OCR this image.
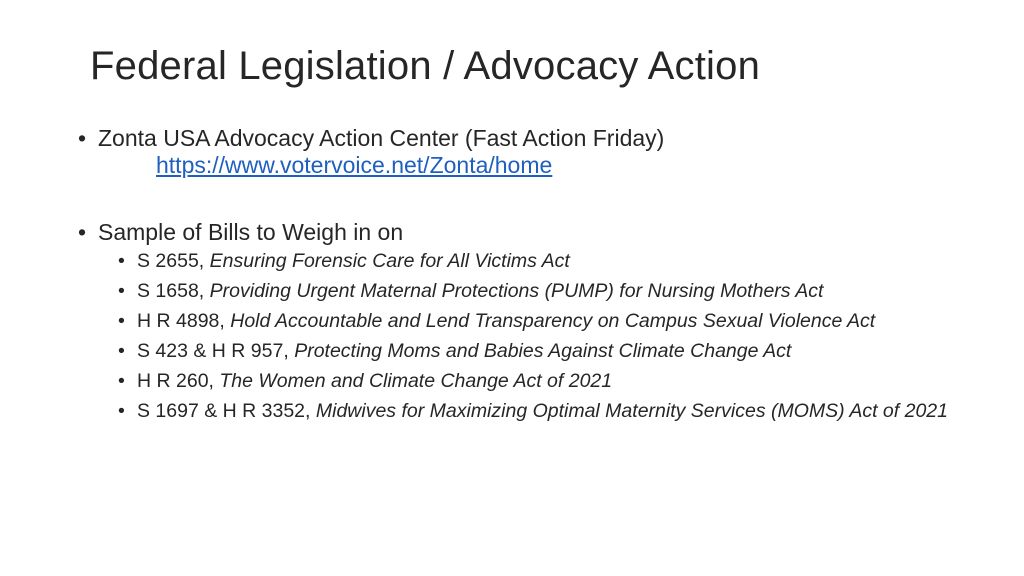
Federal Legislation / Advocacy Action
• Zonta USA Advocacy Action Center (Fast Action Friday)
https://www.votervoice.net/Zonta/home
• Sample of Bills to Weigh in on
• S 2655, Ensuring Forensic Care for All Victims Act
• S 1658, Providing Urgent Maternal Protections (PUMP) for Nursing Mothers Act
• H R 4898, Hold Accountable and Lend Transparency on Campus Sexual Violence Act
• S 423 & H R 957, Protecting Moms and Babies Against Climate Change Act
• H R 260, The Women and Climate Change Act of 2021
• S 1697 & H R 3352, Midwives for Maximizing Optimal Maternity Services (MOMS) Act of 2021
